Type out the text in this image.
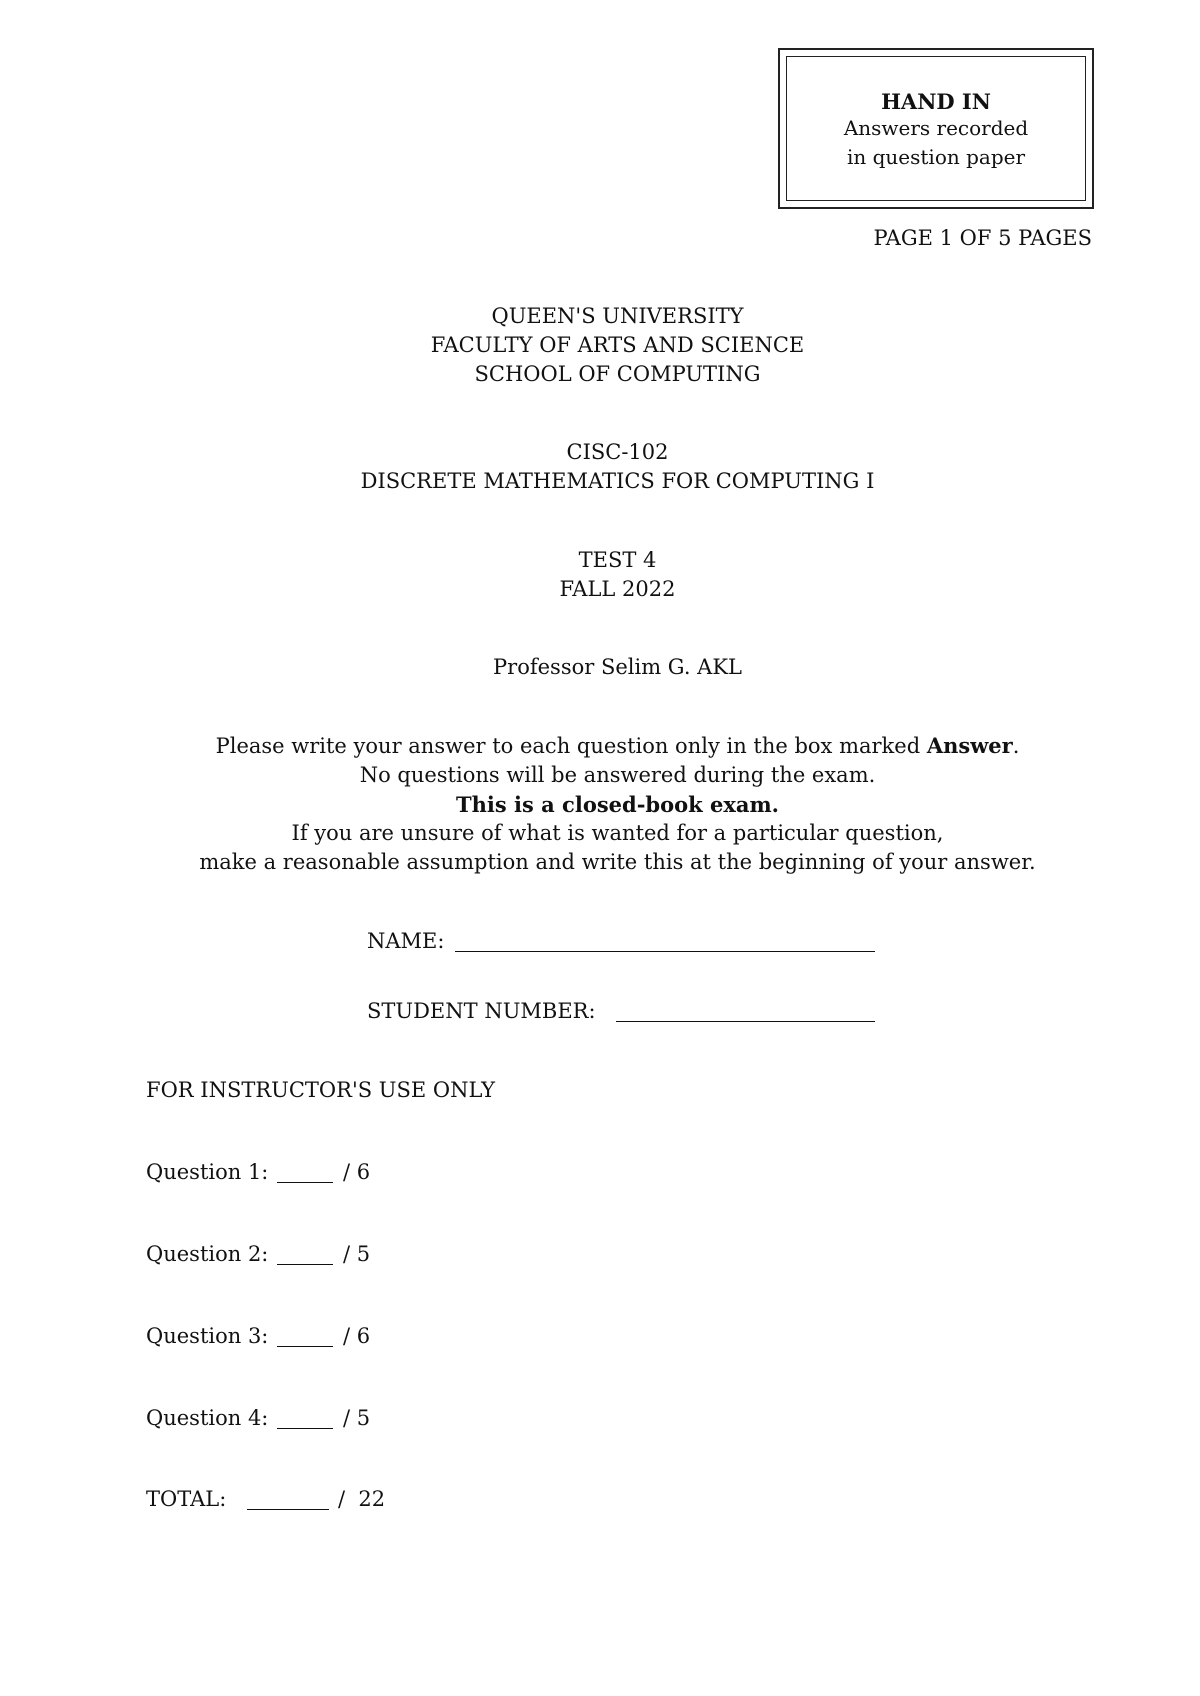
HAND IN
Answers recorded
in question paper
PAGE 1 OF 5 PAGES
QUEEN'S UNIVERSITY
FACULTY OF ARTS AND SCIENCE
SCHOOL OF COMPUTING
CISC-102
DISCRETE MATHEMATICS FOR COMPUTING I
TEST 4
FALL 2022
Professor Selim G. AKL
Please write your answer to each question only in the box marked Answer.
No questions will be answered during the exam.
This is a closed-book exam.
If you are unsure of what is wanted for a particular question,
make a reasonable assumption and write this at the beginning of your answer.
NAME:
STUDENT NUMBER:
FOR INSTRUCTOR'S USE ONLY
Question 1:	/ 6
Question 2:	/ 5
Question 3:	/ 6
Question 4:	/ 5
TOTAL:	/  22
